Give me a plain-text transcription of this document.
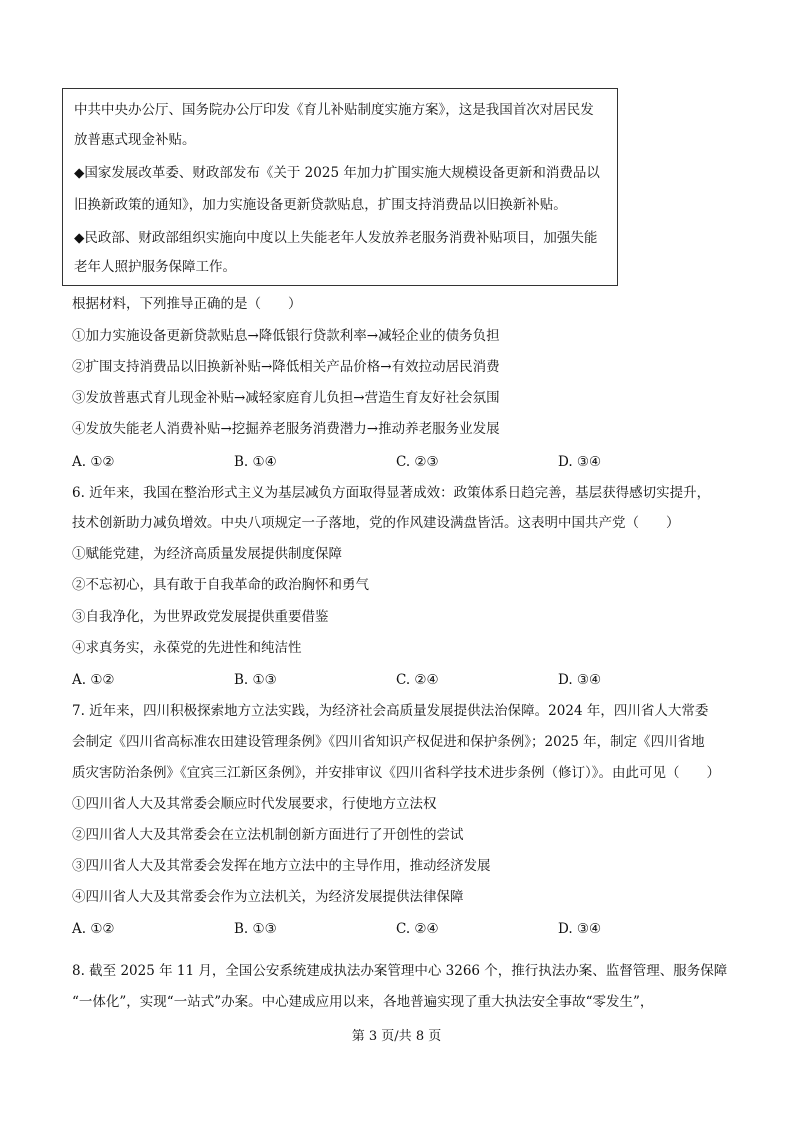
中共中央办公厅、国务院办公厅印发《育儿补贴制度实施方案》，这是我国首次对居民发
放普惠式现金补贴。
◆国家发展改革委、财政部发布《关于 2025 年加力扩围实施大规模设备更新和消费品以
旧换新政策的通知》，加力实施设备更新贷款贴息，扩围支持消费品以旧换新补贴。
◆民政部、财政部组织实施向中度以上失能老年人发放养老服务消费补贴项目，加强失能
老年人照护服务保障工作。
根据材料，下列推导正确的是（　　）
①加力实施设备更新贷款贴息→降低银行贷款利率→减轻企业的债务负担
②扩围支持消费品以旧换新补贴→降低相关产品价格→有效拉动居民消费
③发放普惠式育儿现金补贴→减轻家庭育儿负担→营造生育友好社会氛围
④发放失能老人消费补贴→挖掘养老服务消费潜力→推动养老服务业发展
A. ①②	B. ①④	C. ②③	D. ③④
6. 近年来，我国在整治形式主义为基层减负方面取得显著成效：政策体系日趋完善，基层获得感切实提升，
技术创新助力减负增效。中央八项规定一子落地，党的作风建设满盘皆活。这表明中国共产党（　　）
①赋能党建，为经济高质量发展提供制度保障
②不忘初心，具有敢于自我革命的政治胸怀和勇气
③自我净化，为世界政党发展提供重要借鉴
④求真务实，永葆党的先进性和纯洁性
A. ①②	B. ①③	C. ②④	D. ③④
7. 近年来，四川积极探索地方立法实践，为经济社会高质量发展提供法治保障。2024 年，四川省人大常委
会制定《四川省高标准农田建设管理条例》《四川省知识产权促进和保护条例》；2025 年，制定《四川省地
质灾害防治条例》《宜宾三江新区条例》，并安排审议《四川省科学技术进步条例（修订）》。由此可见（　　）
①四川省人大及其常委会顺应时代发展要求，行使地方立法权
②四川省人大及其常委会在立法机制创新方面进行了开创性的尝试
③四川省人大及其常委会发挥在地方立法中的主导作用，推动经济发展
④四川省人大及其常委会作为立法机关，为经济发展提供法律保障
A. ①②	B. ①③	C. ②④	D. ③④
8. 截至 2025 年 11 月，全国公安系统建成执法办案管理中心 3266 个，推行执法办案、监督管理、服务保障
“一体化”，实现“一站式”办案。中心建成应用以来，各地普遍实现了重大执法安全事故“零发生”，
第 3 页/共 8 页
